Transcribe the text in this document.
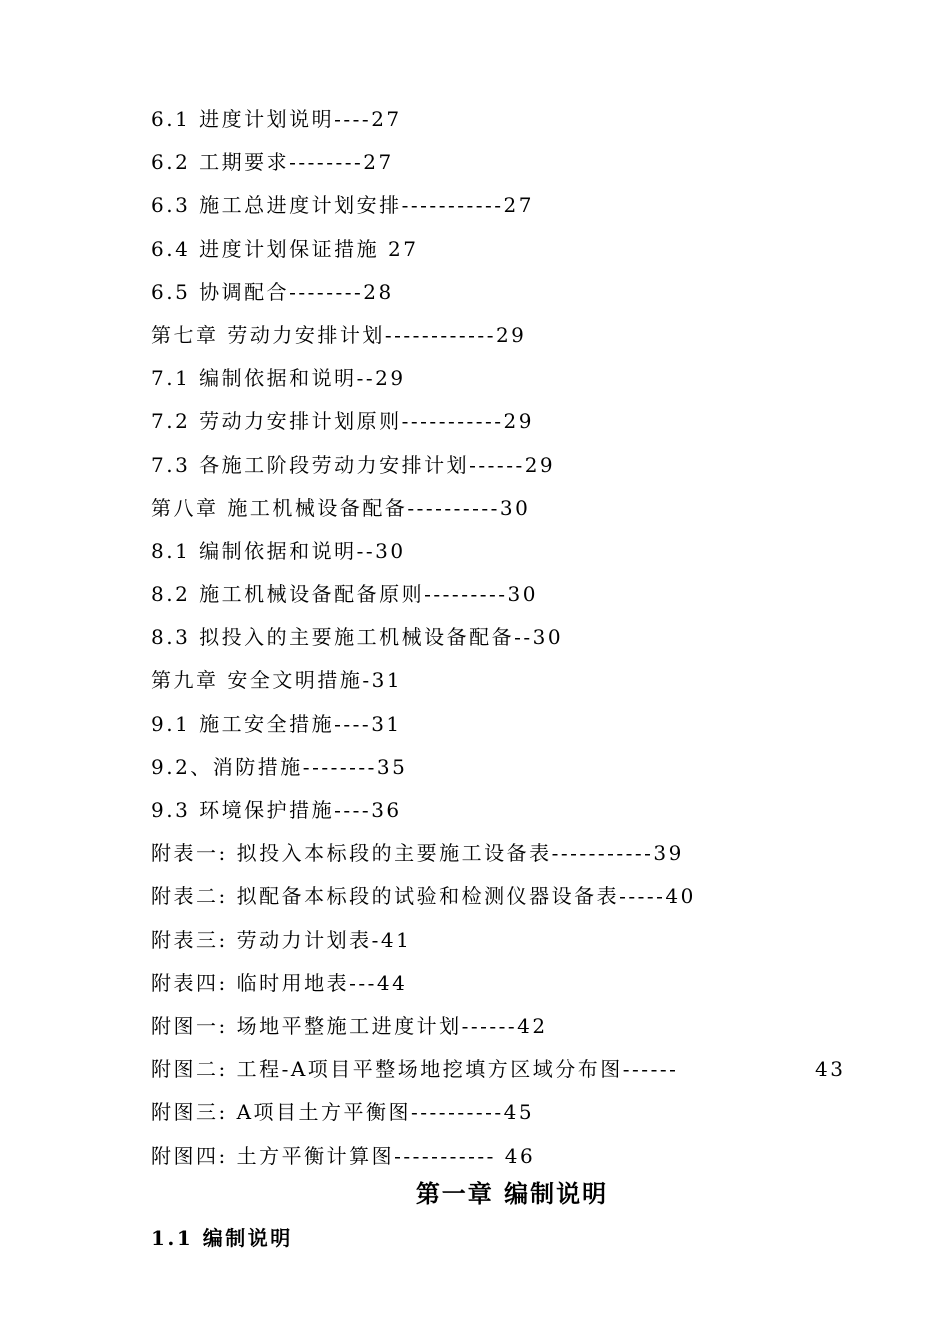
6.1 进度计划说明----27
6.2 工期要求--------27
6.3 施工总进度计划安排-----------27
6.4 进度计划保证措施 27
6.5 协调配合--------28
第七章 劳动力安排计划------------29
7.1 编制依据和说明--29
7.2 劳动力安排计划原则-----------29
7.3 各施工阶段劳动力安排计划------29
第八章 施工机械设备配备----------30
8.1 编制依据和说明--30
8.2 施工机械设备配备原则---------30
8.3 拟投入的主要施工机械设备配备--30
第九章 安全文明措施-31
9.1 施工安全措施----31
9.2、消防措施--------35
9.3 环境保护措施----36
附表一: 拟投入本标段的主要施工设备表-----------39
附表二: 拟配备本标段的试验和检测仪器设备表-----40
附表三: 劳动力计划表-41
附表四: 临时用地表---44
附图一: 场地平整施工进度计划------42
附图二: 工程-A项目平整场地挖填方区域分布图------	43
附图三: A项目土方平衡图----------45
附图四: 土方平衡计算图----------- 46
第一章 编制说明
1.1 编制说明
